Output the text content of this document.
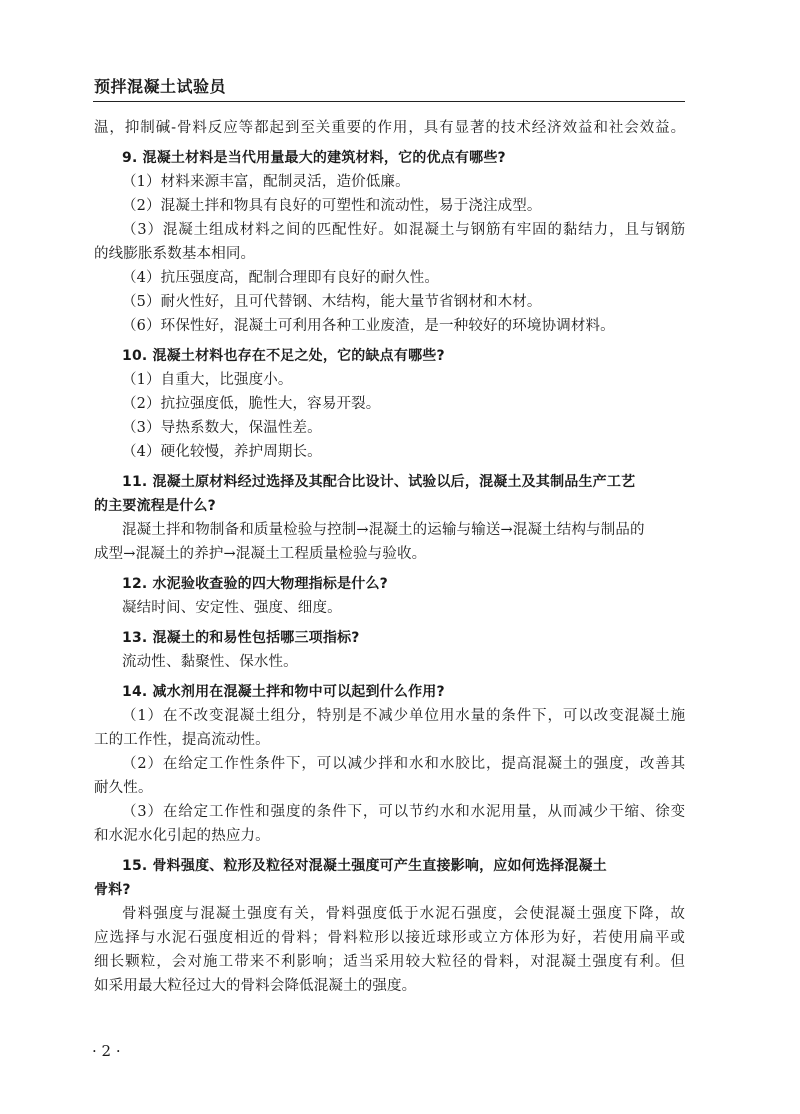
预拌混凝土试验员
温，抑制碱-骨料反应等都起到至关重要的作用，具有显著的技术经济效益和社会效益。
9. 混凝土材料是当代用量最大的建筑材料，它的优点有哪些?
（1）材料来源丰富，配制灵活，造价低廉。
（2）混凝土拌和物具有良好的可塑性和流动性，易于浇注成型。
（3）混凝土组成材料之间的匹配性好。如混凝土与钢筋有牢固的黏结力，且与钢筋
的线膨胀系数基本相同。
（4）抗压强度高，配制合理即有良好的耐久性。
（5）耐火性好，且可代替钢、木结构，能大量节省钢材和木材。
（6）环保性好，混凝土可利用各种工业废渣，是一种较好的环境协调材料。
10. 混凝土材料也存在不足之处，它的缺点有哪些?
（1）自重大，比强度小。
（2）抗拉强度低，脆性大，容易开裂。
（3）导热系数大，保温性差。
（4）硬化较慢，养护周期长。
11. 混凝土原材料经过选择及其配合比设计、试验以后，混凝土及其制品生产工艺
的主要流程是什么?
混凝土拌和物制备和质量检验与控制→混凝土的运输与输送→混凝土结构与制品的
成型→混凝土的养护→混凝土工程质量检验与验收。
12. 水泥验收查验的四大物理指标是什么?
凝结时间、安定性、强度、细度。
13. 混凝土的和易性包括哪三项指标?
流动性、黏聚性、保水性。
14. 减水剂用在混凝土拌和物中可以起到什么作用?
（1）在不改变混凝土组分，特别是不减少单位用水量的条件下，可以改变混凝土施
工的工作性，提高流动性。
（2）在给定工作性条件下，可以减少拌和水和水胶比，提高混凝土的强度，改善其
耐久性。
（3）在给定工作性和强度的条件下，可以节约水和水泥用量，从而减少干缩、徐变
和水泥水化引起的热应力。
15. 骨料强度、粒形及粒径对混凝土强度可产生直接影响，应如何选择混凝土
骨料?
骨料强度与混凝土强度有关，骨料强度低于水泥石强度，会使混凝土强度下降，故
应选择与水泥石强度相近的骨料；骨料粒形以接近球形或立方体形为好，若使用扁平或
细长颗粒，会对施工带来不利影响；适当采用较大粒径的骨料，对混凝土强度有利。但
如采用最大粒径过大的骨料会降低混凝土的强度。
· 2 ·
